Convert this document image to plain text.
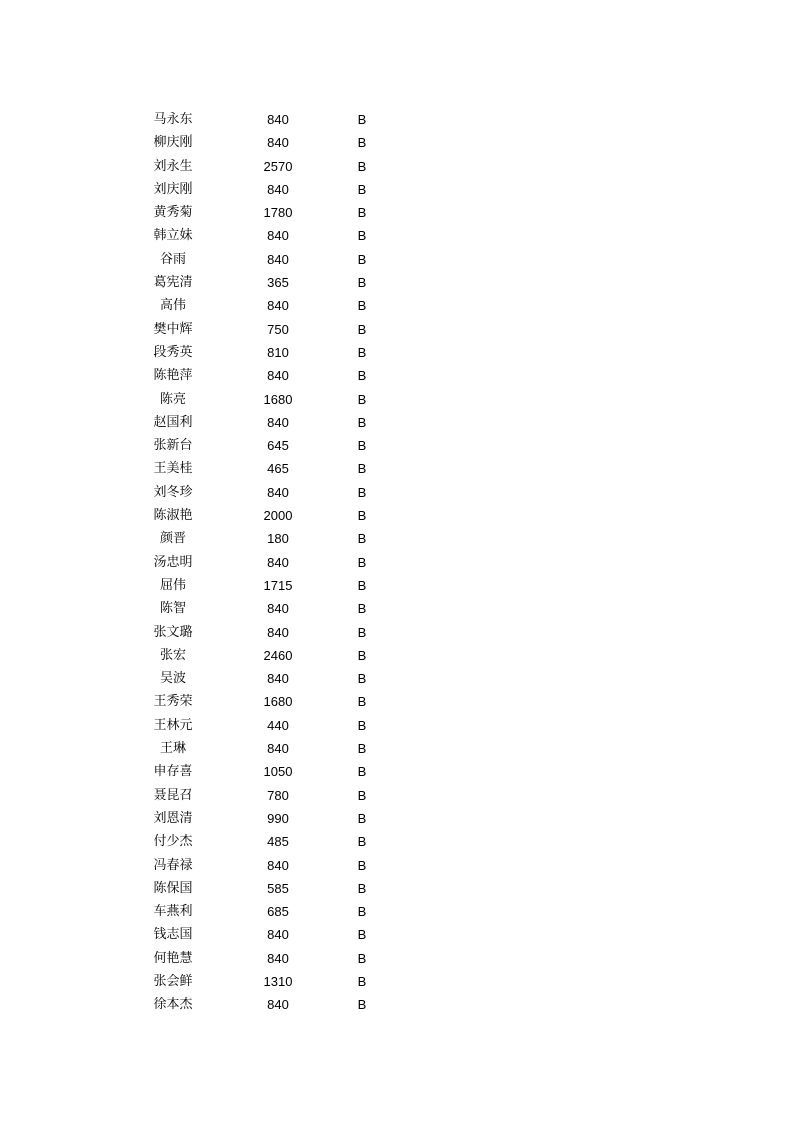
马永东	840	B
柳庆刚	840	B
刘永生	2570	B
刘庆刚	840	B
黄秀菊	1780	B
韩立妹	840	B
谷雨	840	B
葛宪清	365	B
高伟	840	B
樊中辉	750	B
段秀英	810	B
陈艳萍	840	B
陈亮	1680	B
赵国利	840	B
张新台	645	B
王美桂	465	B
刘冬珍	840	B
陈淑艳	2000	B
颜晋	180	B
汤忠明	840	B
屈伟	1715	B
陈智	840	B
张文璐	840	B
张宏	2460	B
吴波	840	B
王秀荣	1680	B
王林元	440	B
王琳	840	B
申存喜	1050	B
聂昆召	780	B
刘恩清	990	B
付少杰	485	B
冯春禄	840	B
陈保国	585	B
车燕利	685	B
钱志国	840	B
何艳慧	840	B
张会鲜	1310	B
徐本杰	840	B
